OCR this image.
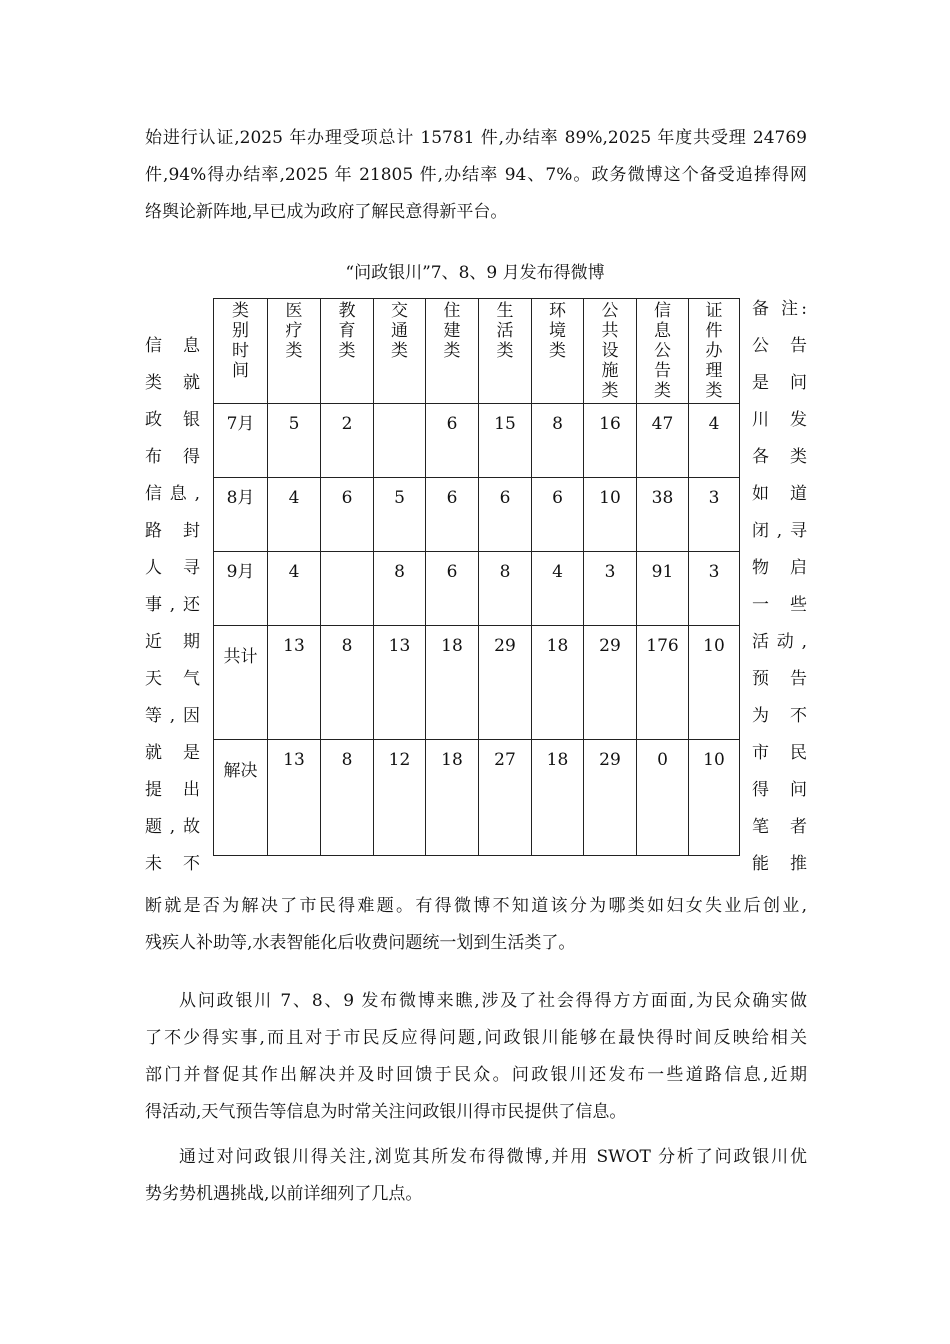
始进行认证,2025 年办理受项总计 15781 件,办结率 89%,2025 年度共受理 24769
件,94%得办结率,2025 年 21805 件,办结率 94、7%。政务微博这个备受追捧得网
络舆论新阵地,早已成为政府了解民意得新平台。
“问政银川”7、8、9 月发布得微博
信 息
类 就
政 银
布 得
信息,
路 封
人 寻
事,还
近 期
天 气
等,因
就 是
提 出
题,故
未 不
备 注:
公 告
是 问
川 发
各 类
如 道
闭,寻
物 启
一 些
活动,
预 告
为 不
市 民
得 问
笔 者
能 推
类别时间	医疗类	教育类	交通类	住建类	生活类	环境类	公共设施类	信息公告类	证件办理类

7月	5	2		6	15	8	16	47	4

8月	4	6	5	6	6	6	10	38	3

9月	4		8	6	8	4	3	91	3

共计	13	8	13	18	29	18	29	176	10

解决	13	8	12	18	27	18	29	0	10
断就是否为解决了市民得难题。有得微博不知道该分为哪类如妇女失业后创业,
残疾人补助等,水表智能化后收费问题统一划到生活类了。
从问政银川 7、8、9 发布微博来瞧,涉及了社会得得方方面面,为民众确实做
了不少得实事,而且对于市民反应得问题,问政银川能够在最快得时间反映给相关
部门并督促其作出解决并及时回馈于民众。问政银川还发布一些道路信息,近期
得活动,天气预告等信息为时常关注问政银川得市民提供了信息。
通过对问政银川得关注,浏览其所发布得微博,并用 SWOT 分析了问政银川优
势劣势机遇挑战,以前详细列了几点。
